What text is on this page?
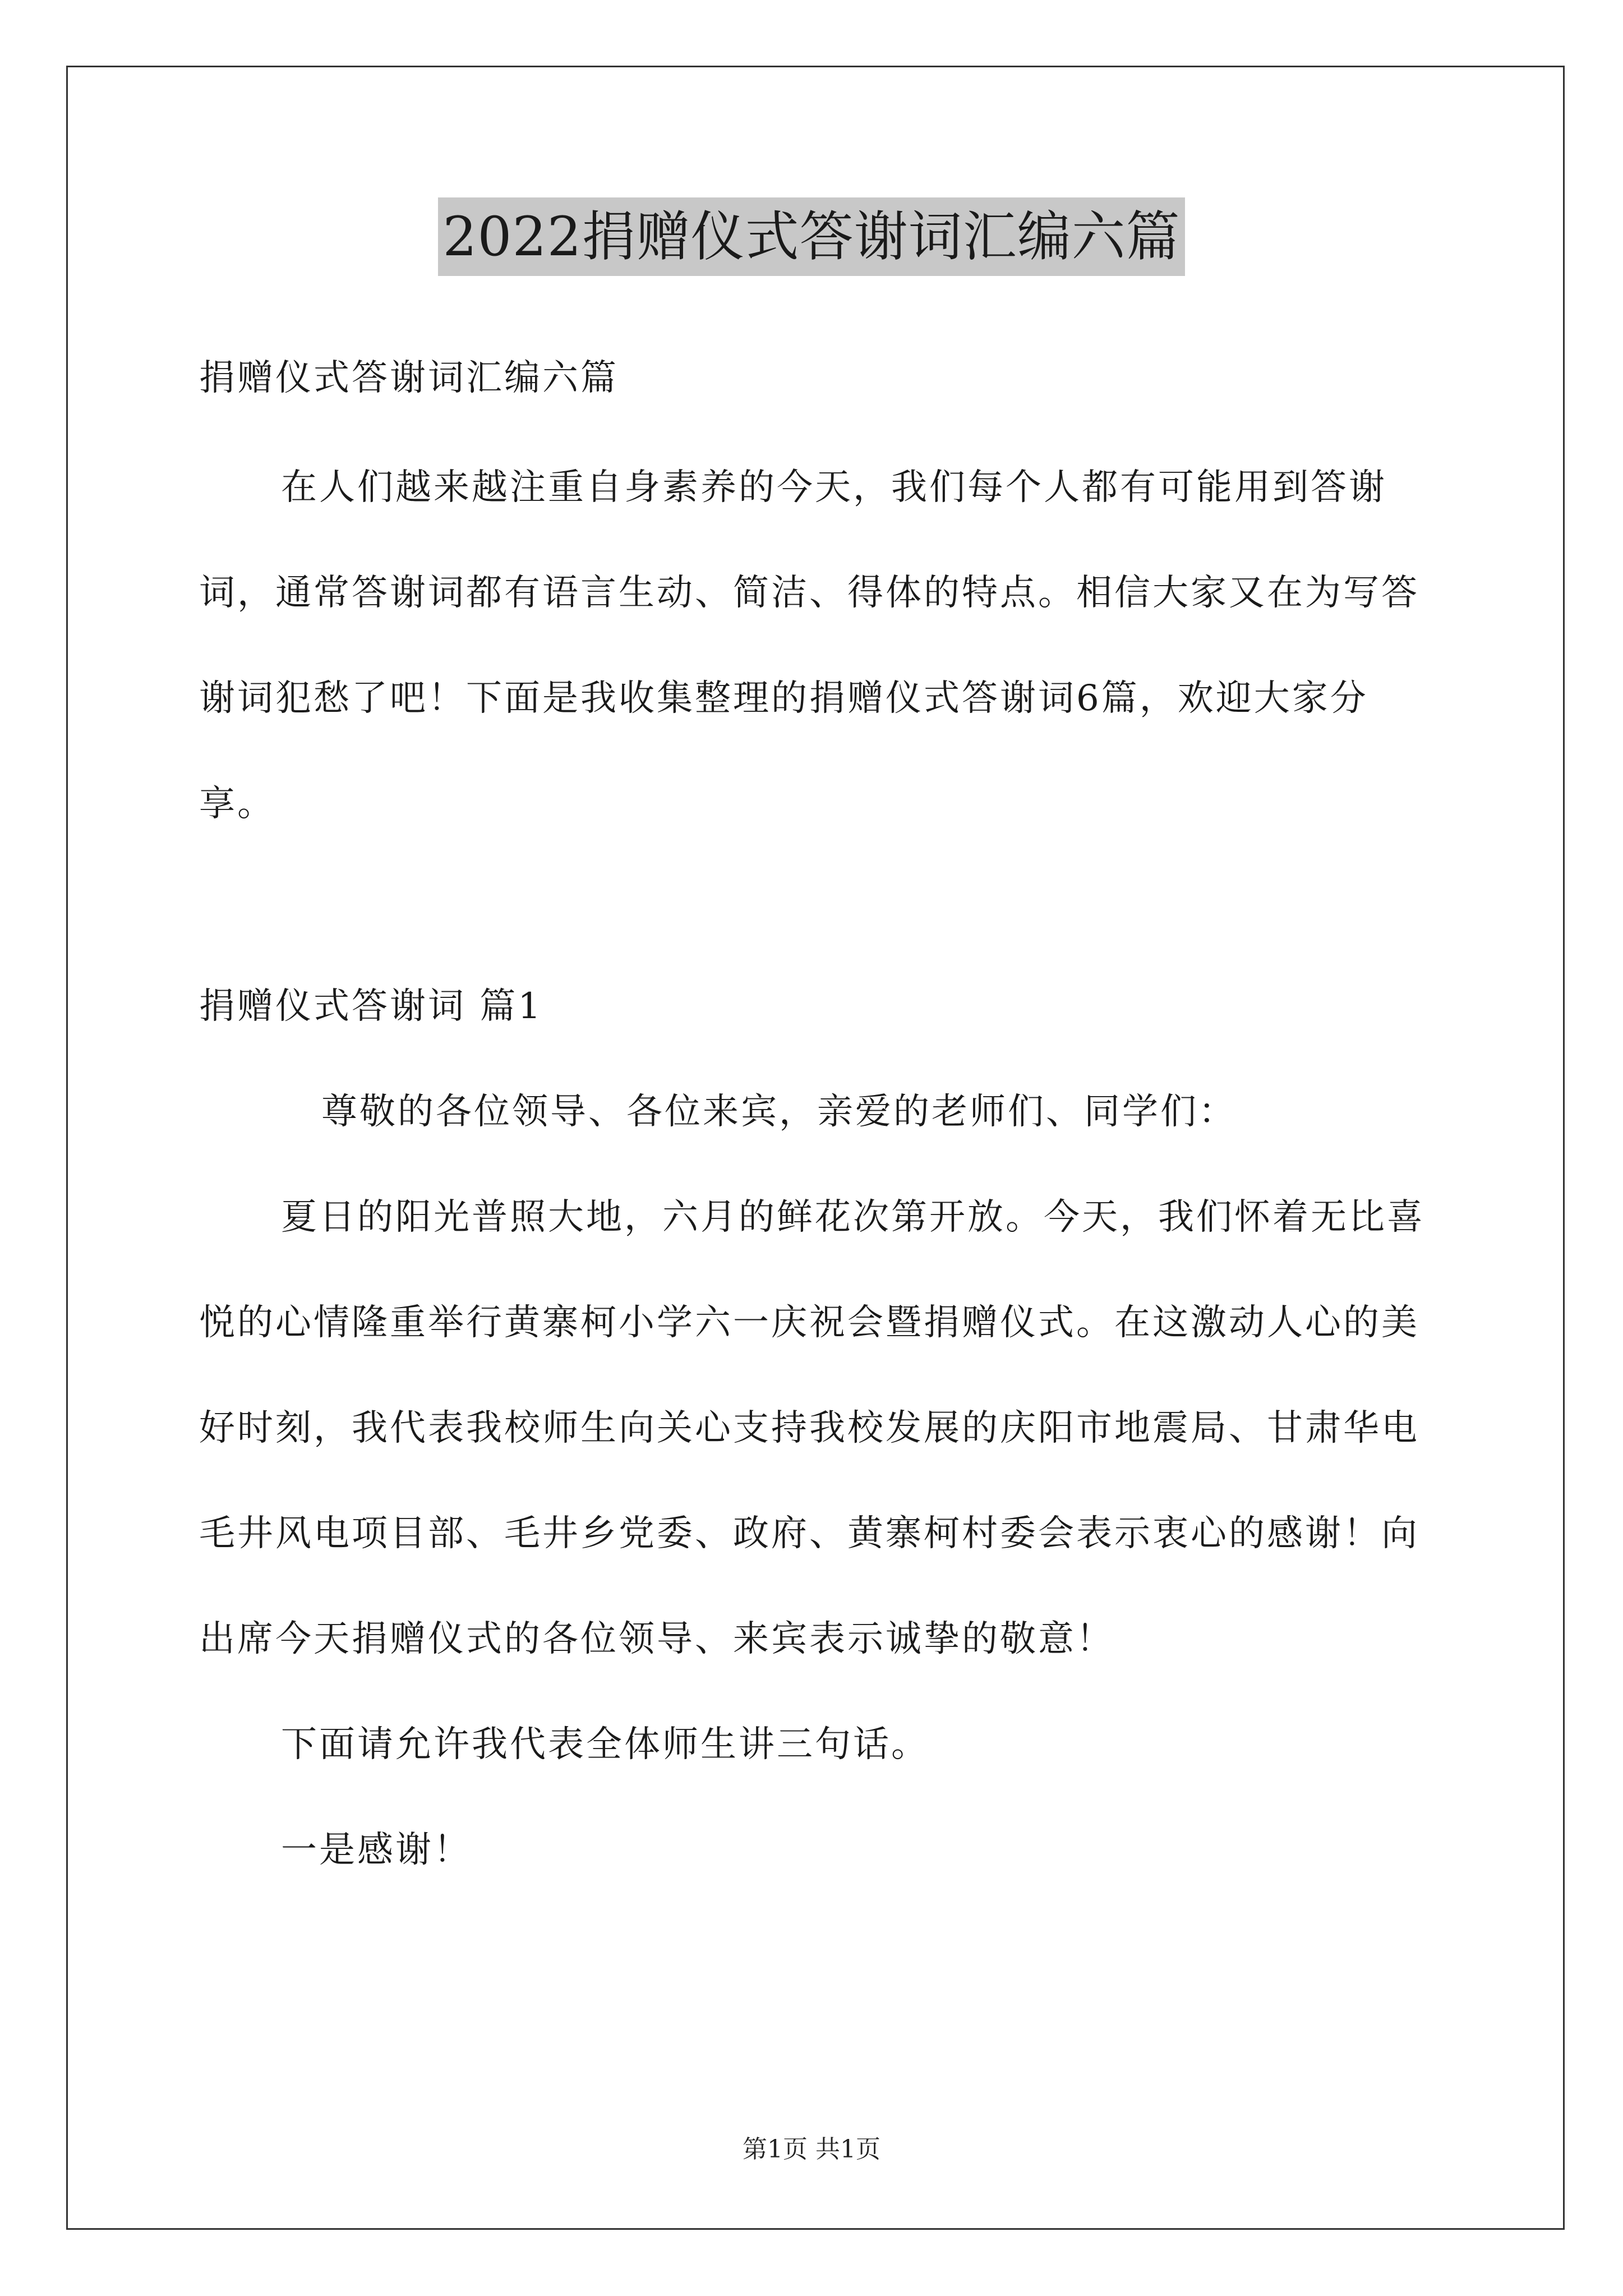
2022捐赠仪式答谢词汇编六篇

捐赠仪式答谢词汇编六篇

在人们越来越注重自身素养的今天，我们每个人都有可能用到答谢词，通常答谢词都有语言生动、简洁、得体的特点。相信大家又在为写答谢词犯愁了吧！下面是我收集整理的捐赠仪式答谢词6篇，欢迎大家分享。

捐赠仪式答谢词 篇1

尊敬的各位领导、各位来宾，亲爱的老师们、同学们：

夏日的阳光普照大地，六月的鲜花次第开放。今天，我们怀着无比喜悦的心情隆重举行黄寨柯小学六一庆祝会暨捐赠仪式。在这激动人心的美好时刻，我代表我校师生向关心支持我校发展的庆阳市地震局、甘肃华电毛井风电项目部、毛井乡党委、政府、黄寨柯村委会表示衷心的感谢！向出席今天捐赠仪式的各位领导、来宾表示诚挚的敬意！

下面请允许我代表全体师生讲三句话。

一是感谢！

第1页 共1页
